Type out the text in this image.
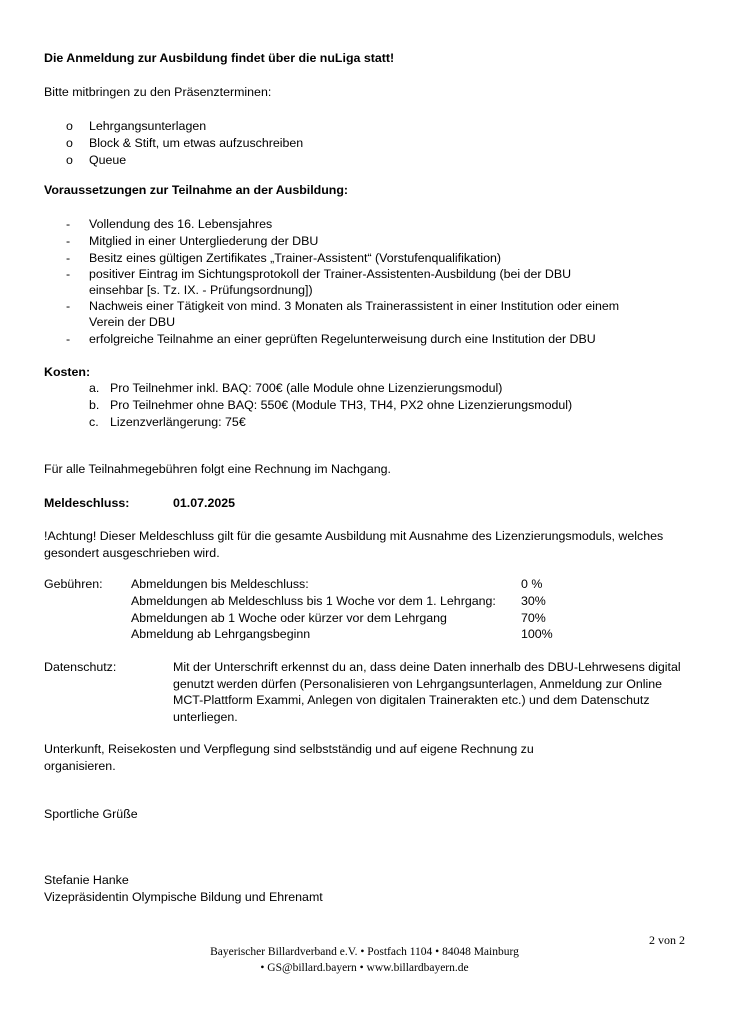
Die Anmeldung zur Ausbildung findet über die nuLiga statt!
Bitte mitbringen zu den Präsenzterminen:
o Lehrgangsunterlagen
o Block & Stift, um etwas aufzuschreiben
o Queue
Voraussetzungen zur Teilnahme an der Ausbildung:
- Vollendung des 16. Lebensjahres
- Mitglied in einer Untergliederung der DBU
- Besitz eines gültigen Zertifikates „Trainer-Assistent“ (Vorstufenqualifikation)
- positiver Eintrag im Sichtungsprotokoll der Trainer-Assistenten-Ausbildung (bei der DBU
einsehbar [s. Tz. IX. - Prüfungsordnung])
- Nachweis einer Tätigkeit von mind. 3 Monaten als Trainerassistent in einer Institution oder einem
Verein der DBU
- erfolgreiche Teilnahme an einer geprüften Regelunterweisung durch eine Institution der DBU
Kosten:
a. Pro Teilnehmer inkl. BAQ: 700€ (alle Module ohne Lizenzierungsmodul)
b. Pro Teilnehmer ohne BAQ: 550€ (Module TH3, TH4, PX2 ohne Lizenzierungsmodul)
c. Lizenzverlängerung: 75€
Für alle Teilnahmegebühren folgt eine Rechnung im Nachgang.
Meldeschluss:	01.07.2025
!Achtung! Dieser Meldeschluss gilt für die gesamte Ausbildung mit Ausnahme des Lizenzierungsmoduls, welches
gesondert ausgeschrieben wird.
Gebühren: Abmeldungen bis Meldeschluss:	0 %
Abmeldungen ab Meldeschluss bis 1 Woche vor dem 1. Lehrgang: 30%
Abmeldungen ab 1 Woche oder kürzer vor dem Lehrgang	70%
Abmeldung ab Lehrgangsbeginn	100%
Datenschutz:	Mit der Unterschrift erkennst du an, dass deine Daten innerhalb des DBU-Lehrwesens digital
genutzt werden dürfen (Personalisieren von Lehrgangsunterlagen, Anmeldung zur Online
MCT-Plattform Exammi, Anlegen von digitalen Trainerakten etc.) und dem Datenschutz
unterliegen.
Unterkunft, Reisekosten und Verpflegung sind selbstständig und auf eigene Rechnung zu
organisieren.
Sportliche Grüße
Stefanie Hanke
Vizepräsidentin Olympische Bildung und Ehrenamt
2 von 2
Bayerischer Billardverband e.V. • Postfach 1104 • 84048 Mainburg
• GS@billard.bayern • www.billardbayern.de
